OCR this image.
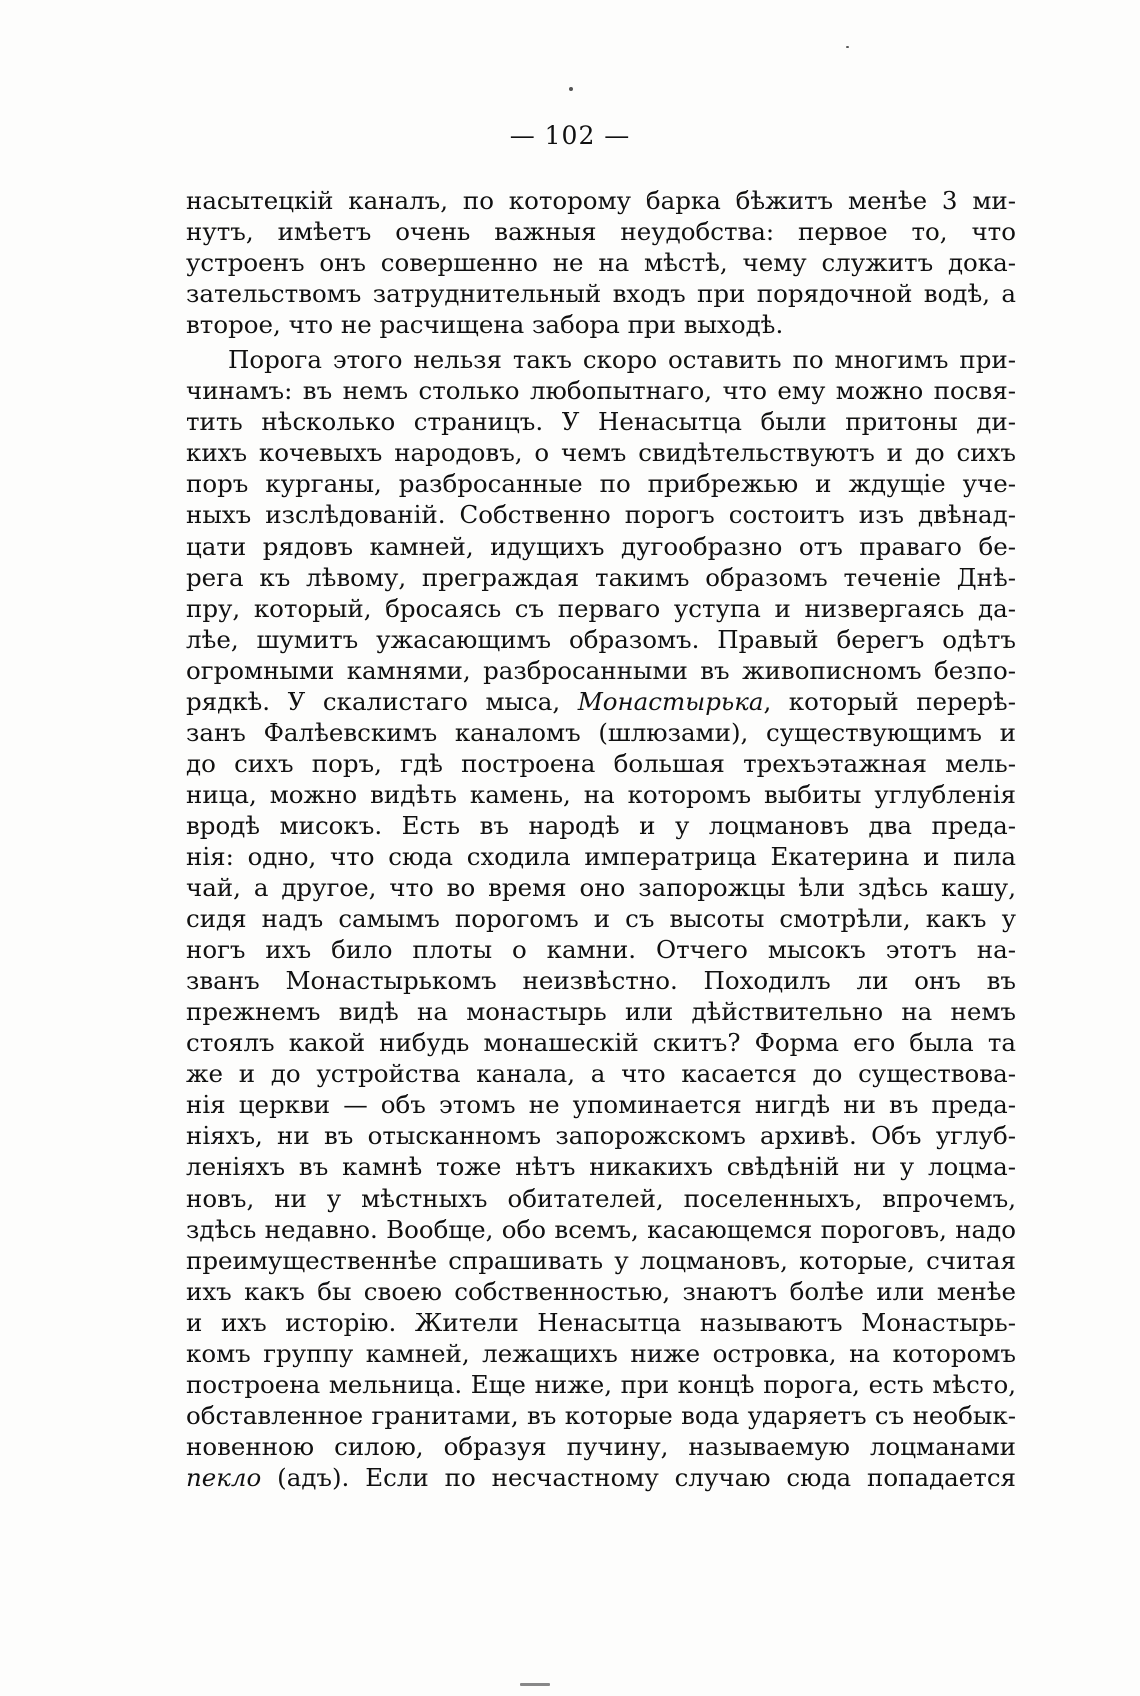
— 102 —
насытецкій каналъ, по которому барка бѣжитъ менѣе 3 ми-
нутъ, имѣетъ очень важныя неудобства: первое то, что
устроенъ онъ совершенно не на мѣстѣ, чему служитъ дока-
зательствомъ затруднительный входъ при порядочной водѣ, а
второе, что не расчищена забора при выходѣ.
Порога этого нельзя такъ скоро оставить по многимъ при-
чинамъ: въ немъ столько любопытнаго, что ему можно посвя-
тить нѣсколько страницъ. У Ненасытца были притоны ди-
кихъ кочевыхъ народовъ, о чемъ свидѣтельствуютъ и до сихъ
поръ курганы, разбросанные по прибрежью и ждущіе уче-
ныхъ изслѣдованій. Собственно порогъ состоитъ изъ двѣнад-
цати рядовъ камней, идущихъ дугообразно отъ праваго бе-
рега къ лѣвому, преграждая такимъ образомъ теченіе Днѣ-
пру, который, бросаясь съ перваго уступа и низвергаясь да-
лѣе, шумитъ ужасающимъ образомъ. Правый берегъ одѣтъ
огромными камнями, разбросанными въ живописномъ безпо-
рядкѣ. У скалистаго мыса, Монастырька, который перерѣ-
занъ Фалѣевскимъ каналомъ (шлюзами), существующимъ и
до сихъ поръ, гдѣ построена большая трехъэтажная мель-
ница, можно видѣть камень, на которомъ выбиты углубленія
вродѣ мисокъ. Есть въ народѣ и у лоцмановъ два преда-
нія: одно, что сюда сходила императрица Екатерина и пила
чай, а другое, что во время оно запорожцы ѣли здѣсь кашу,
сидя надъ самымъ порогомъ и съ высоты смотрѣли, какъ у
ногъ ихъ било плоты о камни. Отчего мысокъ этотъ на-
званъ Монастырькомъ неизвѣстно. Походилъ ли онъ въ
прежнемъ видѣ на монастырь или дѣйствительно на немъ
стоялъ какой нибудь монашескій скитъ? Форма его была та
же и до устройства канала, а что касается до существова-
нія церкви — объ этомъ не упоминается нигдѣ ни въ преда-
ніяхъ, ни въ отысканномъ запорожскомъ архивѣ. Объ углуб-
леніяхъ въ камнѣ тоже нѣтъ никакихъ свѣдѣній ни у лоцма-
новъ, ни у мѣстныхъ обитателей, поселенныхъ, впрочемъ,
здѣсь недавно. Вообще, обо всемъ, касающемся пороговъ, надо
преимущественнѣе спрашивать у лоцмановъ, которые, считая
ихъ какъ бы своею собственностью, знаютъ болѣе или менѣе
и ихъ исторію. Жители Ненасытца называютъ Монастырь-
комъ группу камней, лежащихъ ниже островка, на которомъ
построена мельница. Еще ниже, при концѣ порога, есть мѣсто,
обставленное гранитами, въ которые вода ударяетъ съ необык-
новенною силою, образуя пучину, называемую лоцманами
пекло (адъ). Если по несчастному случаю сюда попадается
